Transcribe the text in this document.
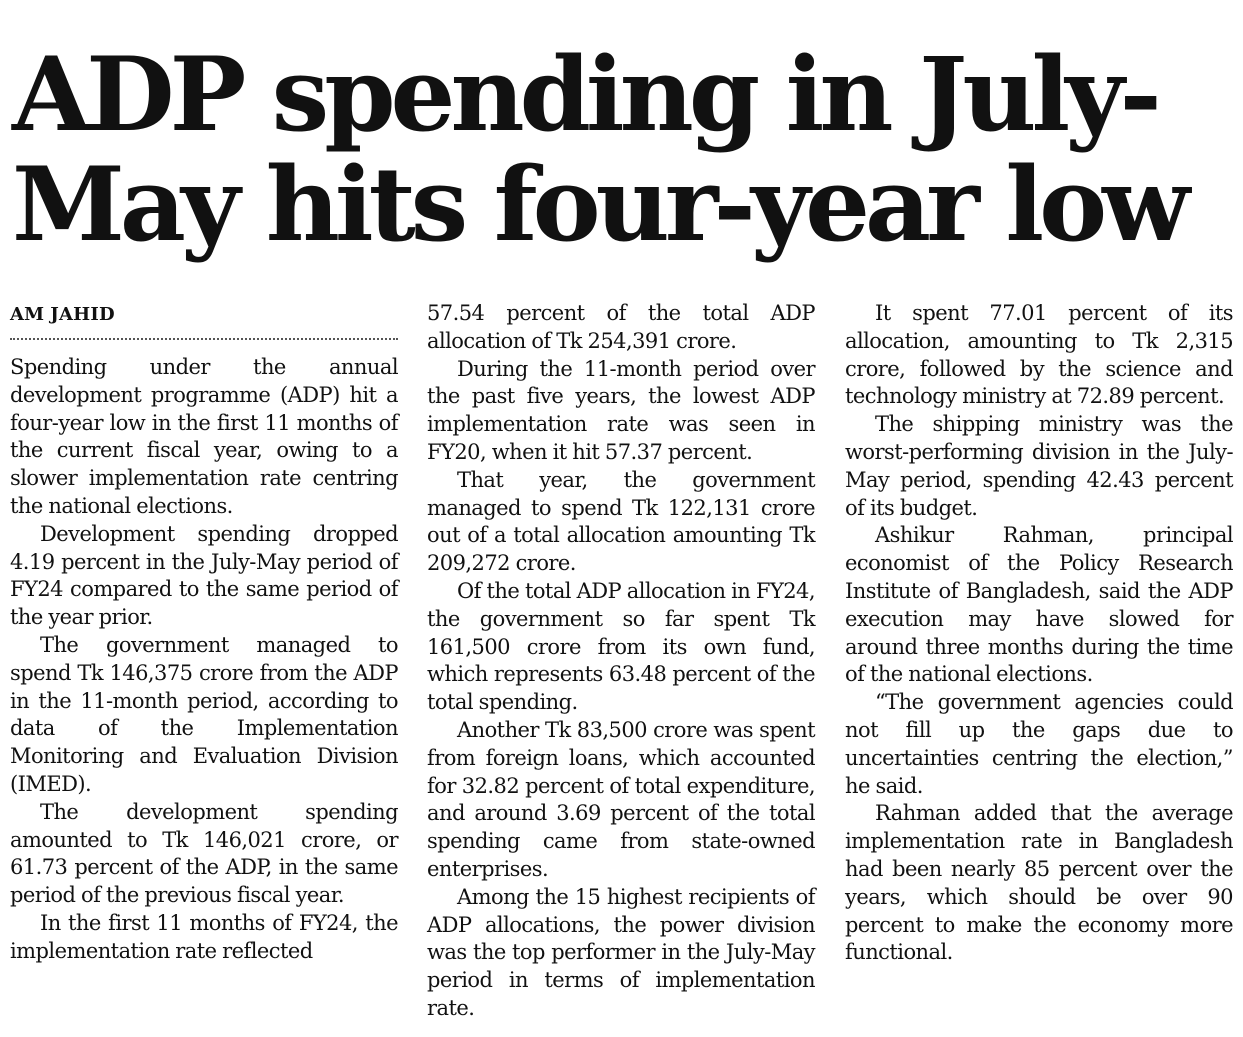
ADP spending in July-
May hits four-year low
AM JAHID

Spending under the annual development programme (ADP) hit a four-year low in the first 11 months of the current fiscal year, owing to a slower implementation rate centring the national elections.

Development spending dropped 4.19 percent in the July-May period of FY24 compared to the same period of the year prior.

The government managed to spend Tk 146,375 crore from the ADP in the 11-month period, according to data of the Implementation Monitoring and Evaluation Division (IMED).

The development spending amounted to Tk 146,021 crore, or 61.73 percent of the ADP, in the same period of the previous fiscal year.

In the first 11 months of FY24, the implementation rate reflected

57.54 percent of the total ADP allocation of Tk 254,391 crore.

During the 11-month period over the past five years, the lowest ADP implementation rate was seen in FY20, when it hit 57.37 percent.

That year, the government managed to spend Tk 122,131 crore out of a total allocation amounting Tk 209,272 crore.

Of the total ADP allocation in FY24, the government so far spent Tk 161,500 crore from its own fund, which represents 63.48 percent of the total spending.

Another Tk 83,500 crore was spent from foreign loans, which accounted for 32.82 percent of total expenditure, and around 3.69 percent of the total spending came from state-owned enterprises.

Among the 15 highest recipients of ADP allocations, the power division was the top performer in the July-May period in terms of implementation rate.

It spent 77.01 percent of its allocation, amounting to Tk 2,315 crore, followed by the science and technology ministry at 72.89 percent.

The shipping ministry was the worst-performing division in the July-May period, spending 42.43 percent of its budget.

Ashikur Rahman, principal economist of the Policy Research Institute of Bangladesh, said the ADP execution may have slowed for around three months during the time of the national elections.

“The government agencies could not fill up the gaps due to uncertainties centring the election,” he said.

Rahman added that the average implementation rate in Bangladesh had been nearly 85 percent over the years, which should be over 90 percent to make the economy more functional.
